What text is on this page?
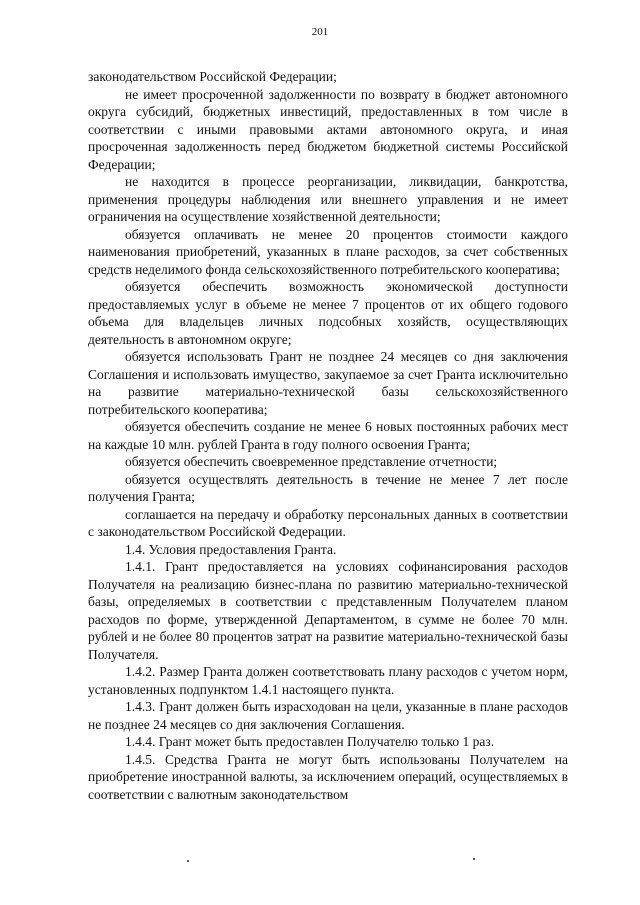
201

законодательством Российской Федерации;

не имеет просроченной задолженности по возврату в бюджет автономного округа субсидий, бюджетных инвестиций, предоставленных в том числе в соответствии с иными правовыми актами автономного округа, и иная просроченная задолженность перед бюджетом бюджетной системы Российской Федерации;

не находится в процессе реорганизации, ликвидации, банкротства, применения процедуры наблюдения или внешнего управления и не имеет ограничения на осуществление хозяйственной деятельности;

обязуется оплачивать не менее 20 процентов стоимости каждого наименования приобретений, указанных в плане расходов, за счет собственных средств неделимого фонда сельскохозяйственного потребительского кооператива;

обязуется обеспечить возможность экономической доступности предоставляемых услуг в объеме не менее 7 процентов от их общего годового объема для владельцев личных подсобных хозяйств, осуществляющих деятельность в автономном округе;

обязуется использовать Грант не позднее 24 месяцев со дня заключения Соглашения и использовать имущество, закупаемое за счет Гранта исключительно на развитие материально-технической базы сельскохозяйственного потребительского кооператива;

обязуется обеспечить создание не менее 6 новых постоянных рабочих мест на каждые 10 млн. рублей Гранта в году полного освоения Гранта;

обязуется обеспечить своевременное представление отчетности;

обязуется осуществлять деятельность в течение не менее 7 лет после получения Гранта;

соглашается на передачу и обработку персональных данных в соответствии с законодательством Российской Федерации.

1.4. Условия предоставления Гранта.

1.4.1. Грант предоставляется на условиях софинансирования расходов Получателя на реализацию бизнес-плана по развитию материально-технической базы, определяемых в соответствии с представленным Получателем планом расходов по форме, утвержденной Департаментом, в сумме не более 70 млн. рублей и не более 80 процентов затрат на развитие материально-технической базы Получателя.

1.4.2. Размер Гранта должен соответствовать плану расходов с учетом норм, установленных подпунктом 1.4.1 настоящего пункта.

1.4.3. Грант должен быть израсходован на цели, указанные в плане расходов не позднее 24 месяцев со дня заключения Соглашения.

1.4.4. Грант может быть предоставлен Получателю только 1 раз.

1.4.5. Средства Гранта не могут быть использованы Получателем на приобретение иностранной валюты, за исключением операций, осуществляемых в соответствии с валютным законодательством
